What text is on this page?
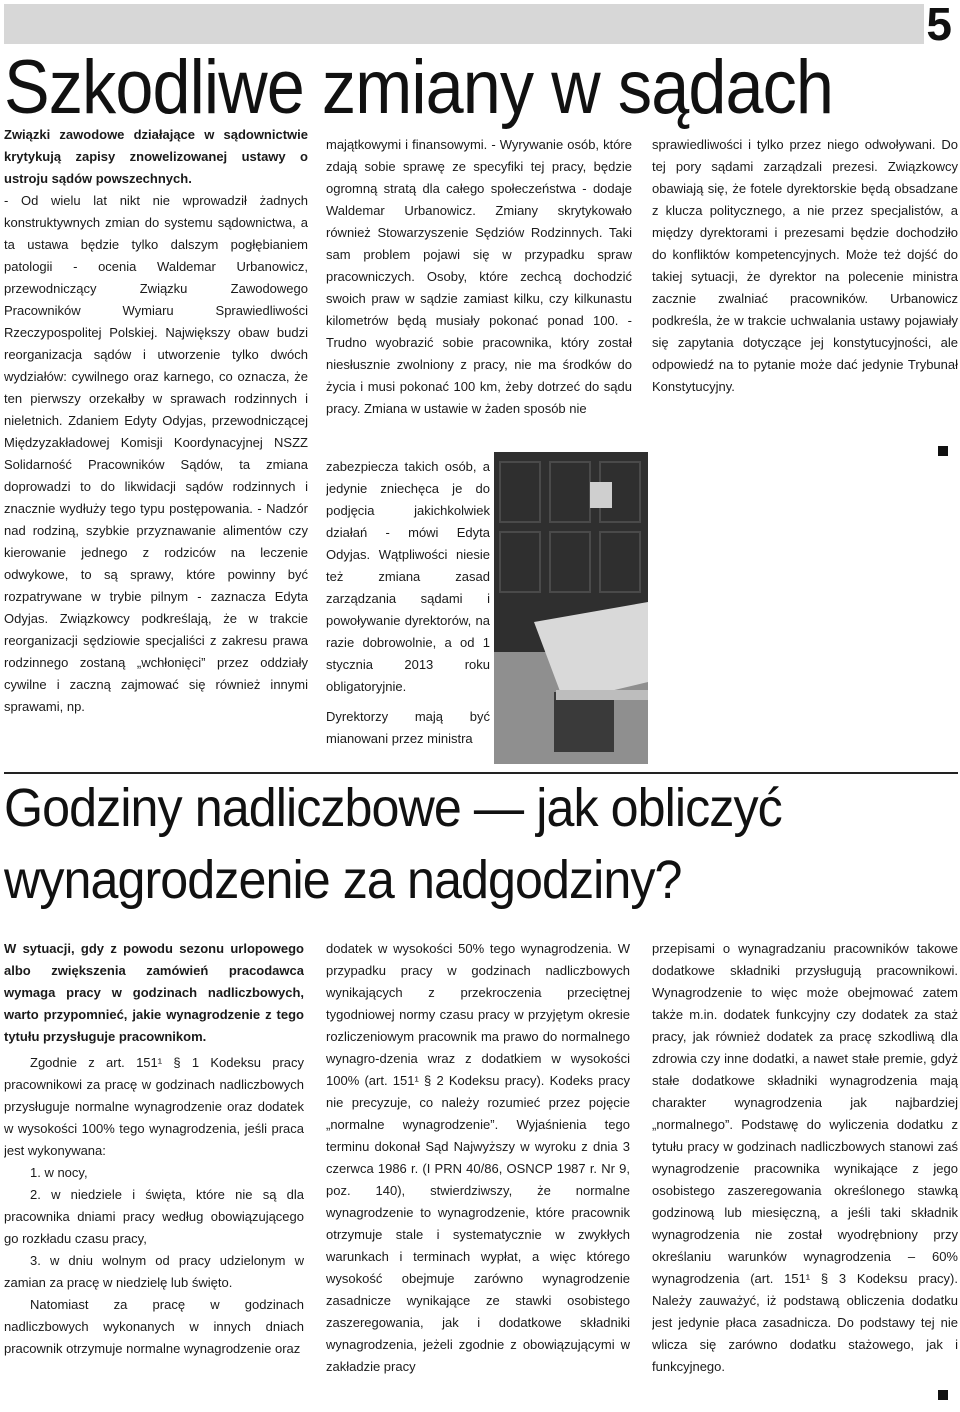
5
Szkodliwe zmiany w sądach

Związki zawodowe działające w sądownictwie krytykują zapisy znowelizowanej ustawy o ustroju sądów powszechnych.

- Od wielu lat nikt nie wprowadził żadnych konstruktywnych zmian do systemu sądownictwa, a ta ustawa będzie tylko dalszym pogłębianiem patologii - ocenia Waldemar Urbanowicz, przewodniczący Związku Zawodowego Pracowników Wymiaru Sprawiedliwości Rzeczypospolitej Polskiej. Największy obaw budzi reorganizacja sądów i utworzenie tylko dwóch wydziałów: cywilnego oraz karnego, co oznacza, że ten pierwszy orzekałby w sprawach rodzinnych i nieletnich. Zdaniem Edyty Odyjas, przewodniczącej Międzyzakładowej Komisji Koordynacyjnej NSZZ Solidarność Pracowników Sądów, ta zmiana doprowadzi to do likwidacji sądów rodzinnych i znacznie wydłuży tego typu postępowania. - Nadzór nad rodziną, szybkie przyznawanie alimentów czy kierowanie jednego z rodziców na leczenie odwykowe, to są sprawy, które powinny być rozpatrywane w trybie pilnym - zaznacza Edyta Odyjas. Związkowcy podkreślają, że w trakcie reorganizacji sędziowie specjaliści z zakresu prawa rodzinnego zostaną „wchłonięci” przez oddziały cywilne i zaczną zajmować się również innymi sprawami, np.

majątkowymi i finansowymi. - Wyrywanie osób, które zdają sobie sprawę ze specyfiki tej pracy, będzie ogromną stratą dla całego społeczeństwa - dodaje Waldemar Urbanowicz. Zmiany skrytykowało również Stowarzyszenie Sędziów Rodzinnych. Taki sam problem pojawi się w przypadku spraw pracowniczych. Osoby, które zechcą dochodzić swoich praw w sądzie zamiast kilku, czy kilkunastu kilometrów będą musiały pokonać ponad 100. - Trudno wyobrazić sobie pracownika, który został niesłusznie zwolniony z pracy, nie ma środków do życia i musi pokonać 100 km, żeby dotrzeć do sądu pracy. Zmiana w ustawie w żaden sposób nie

zabezpiecza takich osób, a jedynie zniechęca je do podjęcia jakichkolwiek działań - mówi Edyta Odyjas. Wątpliwości niesie też zmiana zasad zarządzania sądami i powoływanie dyrektorów, na razie dobrowolnie, a od 1 stycznia 2013 roku obligatoryjnie.

Dyrektorzy mają być mianowani przez ministra

sprawiedliwości i tylko przez niego odwoływani. Do tej pory sądami zarządzali prezesi. Związkowcy obawiają się, że fotele dyrektorskie będą obsadzane z klucza politycznego, a nie przez specjalistów, a między dyrektorami i prezesami będzie dochodziło do konfliktów kompetencyjnych. Może też dojść do takiej sytuacji, że dyrektor na polecenie ministra zacznie zwalniać pracowników. Urbanowicz podkreśla, że w trakcie uchwalania ustawy pojawiały się zapytania dotyczące jej konstytucyjności, ale odpowiedź na to pytanie może dać jedynie Trybunał Konstytucyjny.

Godziny nadliczbowe — jak obliczyć
wynagrodzenie za nadgodziny?

W sytuacji, gdy z powodu sezonu urlopowego albo zwiększenia zamówień pracodawca wymaga pracy w godzinach nadliczbowych, warto przypomnieć, jakie wynagrodzenie z tego tytułu przysługuje pracownikom.

Zgodnie z art. 151¹ § 1 Kodeksu pracy pracownikowi za pracę w godzinach nadliczbowych przysługuje normalne wynagrodzenie oraz dodatek w wysokości 100% tego wynagrodzenia, jeśli praca jest wykonywana:

1. w nocy,

2. w niedziele i święta, które nie są dla pracownika dniami pracy według obowiązującego go rozkładu czasu pracy,

3. w dniu wolnym od pracy udzielonym w zamian za pracę w niedzielę lub święto.

Natomiast za pracę w godzinach nadliczbowych wykonanych w innych dniach pracownik otrzymuje normalne wynagrodzenie oraz

dodatek w wysokości 50% tego wynagrodzenia. W przypadku pracy w godzinach nadliczbowych wynikających z przekroczenia przeciętnej tygodniowej normy czasu pracy w przyjętym okresie rozliczeniowym pracownik ma prawo do normalnego wynagro-dzenia wraz z dodatkiem w wysokości 100% (art. 151¹ § 2 Kodeksu pracy). Kodeks pracy nie precyzuje, co należy rozumieć przez pojęcie „normalne wynagrodzenie”. Wyjaśnienia tego terminu dokonał Sąd Najwyższy w wyroku z dnia 3 czerwca 1986 r. (I PRN 40/86, OSNCP 1987 r. Nr 9, poz. 140), stwierdziwszy, że normalne wynagrodzenie to wynagrodzenie, które pracownik otrzymuje stale i systematycznie w zwykłych warunkach i terminach wypłat, a więc którego wysokość obejmuje zarówno wynagrodzenie zasadnicze wynikające ze stawki osobistego zaszeregowania, jak i dodatkowe składniki wynagrodzenia, jeżeli zgodnie z obowiązującymi w zakładzie pracy

przepisami o wynagradzaniu pracowników takowe dodatkowe składniki przysługują pracownikowi. Wynagrodzenie to więc może obejmować zatem także m.in. dodatek funkcyjny czy dodatek za staż pracy, jak również dodatek za pracę szkodliwą dla zdrowia czy inne dodatki, a nawet stałe premie, gdyż stałe dodatkowe składniki wynagrodzenia mają charakter wynagrodzenia jak najbardziej „normalnego”. Podstawę do wyliczenia dodatku z tytułu pracy w godzinach nadliczbowych stanowi zaś wynagrodzenie pracownika wynikające z jego osobistego zaszeregowania określonego stawką godzinową lub miesięczną, a jeśli taki składnik wynagrodzenia nie został wyodrębniony przy określaniu warunków wynagrodzenia – 60% wynagrodzenia (art. 151¹ § 3 Kodeksu pracy). Należy zauważyć, iż podstawą obliczenia dodatku jest jedynie płaca zasadnicza. Do podstawy tej nie wlicza się zarówno dodatku stażowego, jak i funkcyjnego.
